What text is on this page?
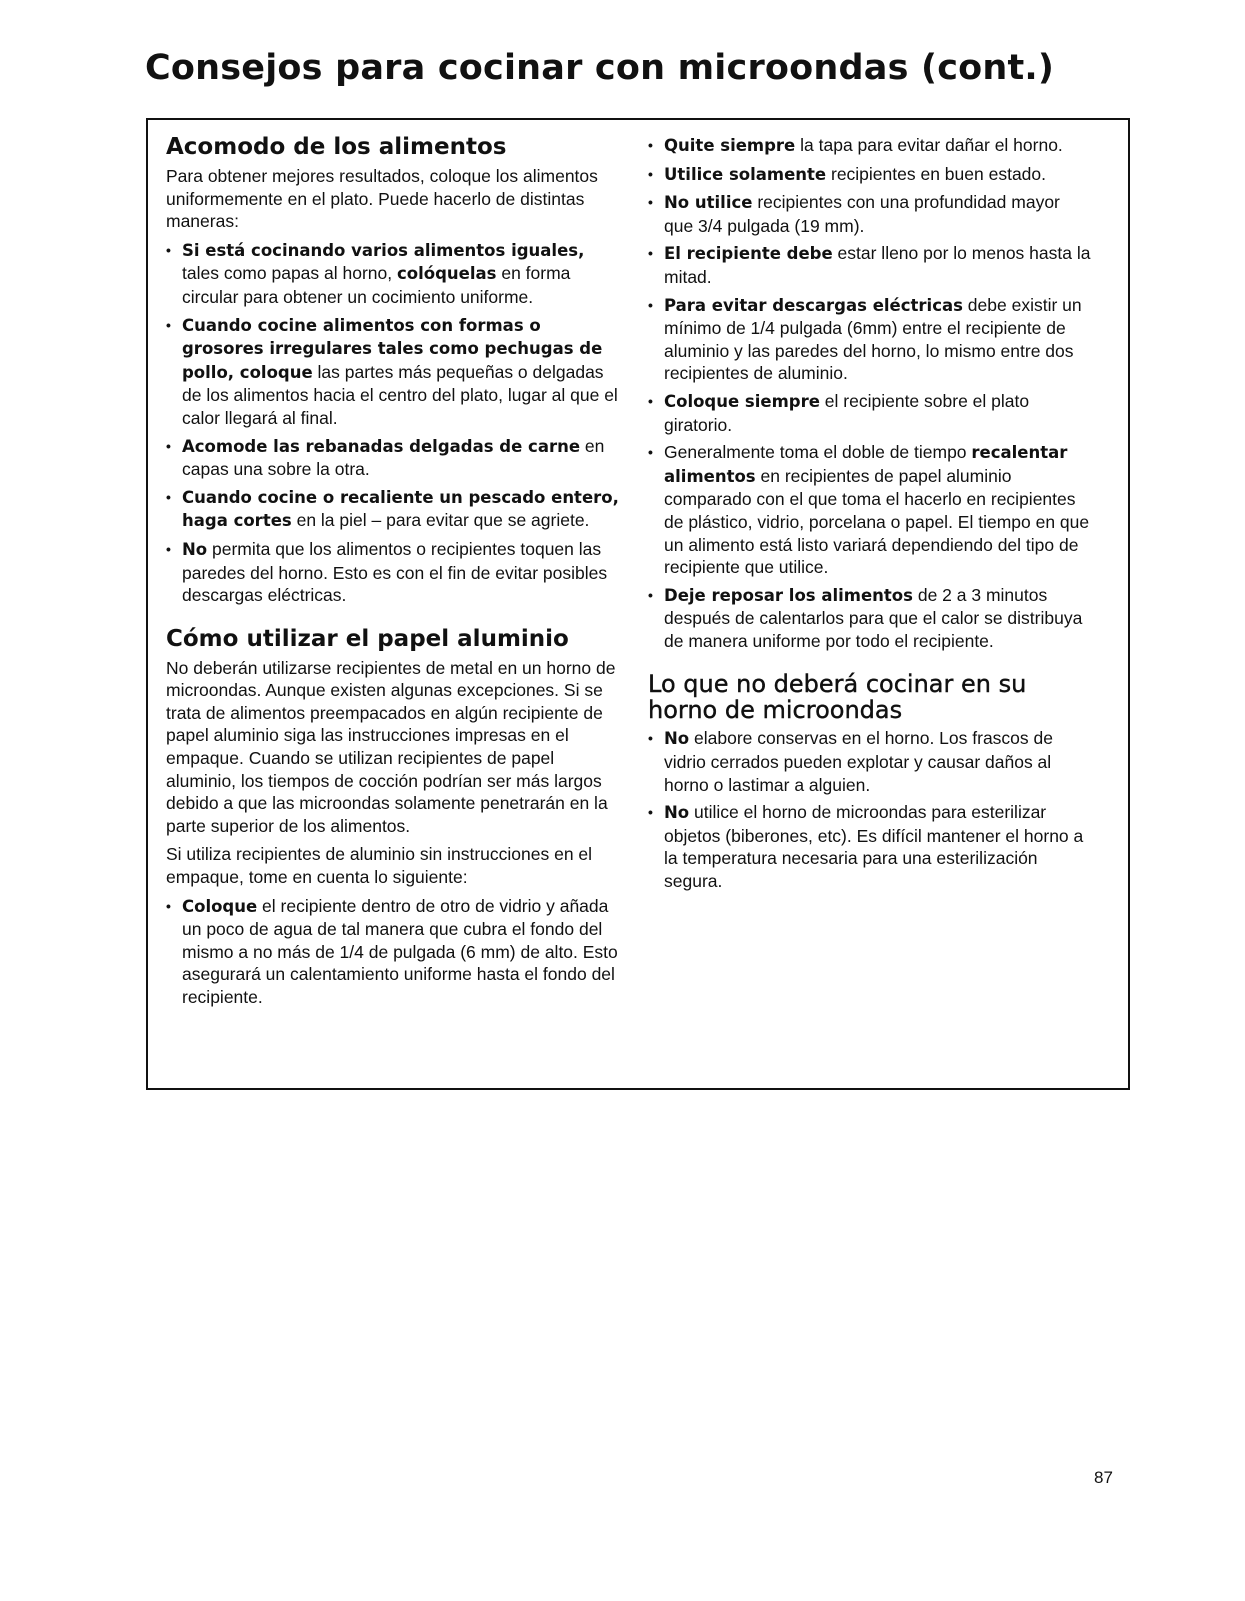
Consejos para cocinar con microondas (cont.)
Acomodo de los alimentos

Para obtener mejores resultados, coloque los alimentos uniformemente en el plato. Puede hacerlo de distintas maneras:

• Si está cocinando varios alimentos iguales, tales como papas al horno, colóquelas en forma circular para obtener un cocimiento uniforme.
• Cuando cocine alimentos con formas o grosores irregulares tales como pechugas de pollo, coloque las partes más pequeñas o delgadas de los alimentos hacia el centro del plato, lugar al que el calor llegará al final.
• Acomode las rebanadas delgadas de carne en capas una sobre la otra.
• Cuando cocine o recaliente un pescado entero, haga cortes en la piel – para evitar que se agriete.
• No permita que los alimentos o recipientes toquen las paredes del horno. Esto es con el fin de evitar posibles descargas eléctricas.
Cómo utilizar el papel aluminio

No deberán utilizarse recipientes de metal en un horno de microondas. Aunque existen algunas excepciones. Si se trata de alimentos preempacados en algún recipiente de papel aluminio siga las instrucciones impresas en el empaque. Cuando se utilizan recipientes de papel aluminio, los tiempos de cocción podrían ser más largos debido a que las microondas solamente penetrarán en la parte superior de los alimentos.

Si utiliza recipientes de aluminio sin instrucciones en el empaque, tome en cuenta lo siguiente:

• Coloque el recipiente dentro de otro de vidrio y añada un poco de agua de tal manera que cubra el fondo del mismo a no más de 1/4 de pulgada (6 mm) de alto. Esto asegurará un calentamiento uniforme hasta el fondo del recipiente.
• Quite siempre la tapa para evitar dañar el horno.
• Utilice solamente recipientes en buen estado.
• No utilice recipientes con una profundidad mayor que 3/4 pulgada (19 mm).
• El recipiente debe estar lleno por lo menos hasta la mitad.
• Para evitar descargas eléctricas debe existir un mínimo de 1/4 pulgada (6mm) entre el recipiente de aluminio y las paredes del horno, lo mismo entre dos recipientes de aluminio.
• Coloque siempre el recipiente sobre el plato giratorio.
• Generalmente toma el doble de tiempo recalentar alimentos en recipientes de papel aluminio comparado con el que toma el hacerlo en recipientes de plástico, vidrio, porcelana o papel. El tiempo en que un alimento está listo variará dependiendo del tipo de recipiente que utilice.
• Deje reposar los alimentos de 2 a 3 minutos después de calentarlos para que el calor se distribuya de manera uniforme por todo el recipiente.
Lo que no deberá cocinar en su horno de microondas
• No elabore conservas en el horno. Los frascos de vidrio cerrados pueden explotar y causar daños al horno o lastimar a alguien.
• No utilice el horno de microondas para esterilizar objetos (biberones, etc). Es difícil mantener el horno a la temperatura necesaria para una esterilización segura.
87
